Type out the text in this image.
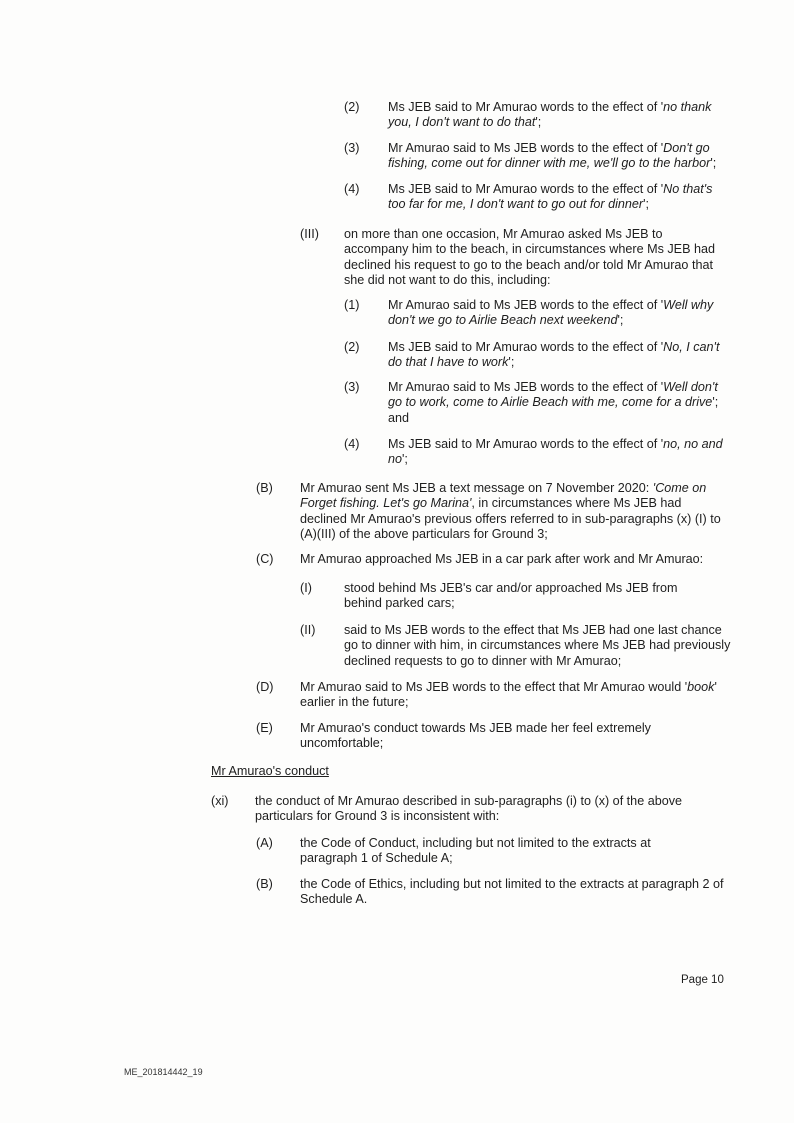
(2) Ms JEB said to Mr Amurao words to the effect of 'no thank you, I don't want to do that';
(3) Mr Amurao said to Ms JEB words to the effect of 'Don't go fishing, come out for dinner with me, we'll go to the harbor';
(4) Ms JEB said to Mr Amurao words to the effect of 'No that's too far for me, I don't want to go out for dinner';
(III) on more than one occasion, Mr Amurao asked Ms JEB to accompany him to the beach, in circumstances where Ms JEB had declined his request to go to the beach and/or told Mr Amurao that she did not want to do this, including:
(1) Mr Amurao said to Ms JEB words to the effect of 'Well why don't we go to Airlie Beach next weekend';
(2) Ms JEB said to Mr Amurao words to the effect of 'No, I can't do that I have to work';
(3) Mr Amurao said to Ms JEB words to the effect of 'Well don't go to work, come to Airlie Beach with me, come for a drive'; and
(4) Ms JEB said to Mr Amurao words to the effect of 'no, no and no';
(B) Mr Amurao sent Ms JEB a text message on 7 November 2020: 'Come on Forget fishing. Let's go Marina', in circumstances where Ms JEB had declined Mr Amurao's previous offers referred to in sub-paragraphs (x) (I) to (A)(III) of the above particulars for Ground 3;
(C) Mr Amurao approached Ms JEB in a car park after work and Mr Amurao:
(I)	stood behind Ms JEB's car and/or approached Ms JEB from behind parked cars;
(II) said to Ms JEB words to the effect that Ms JEB had one last chance go to dinner with him, in circumstances where Ms JEB had previously declined requests to go to dinner with Mr Amurao;
(D) Mr Amurao said to Ms JEB words to the effect that Mr Amurao would 'book' earlier in the future;
(E) Mr Amurao's conduct towards Ms JEB made her feel extremely uncomfortable;
Mr Amurao's conduct
(xi) the conduct of Mr Amurao described in sub-paragraphs (i) to (x) of the above particulars for Ground 3 is inconsistent with:
(A) the Code of Conduct, including but not limited to the extracts at paragraph 1 of Schedule A;
(B) the Code of Ethics, including but not limited to the extracts at paragraph 2 of Schedule A.
Page 10
ME_201814442_19
